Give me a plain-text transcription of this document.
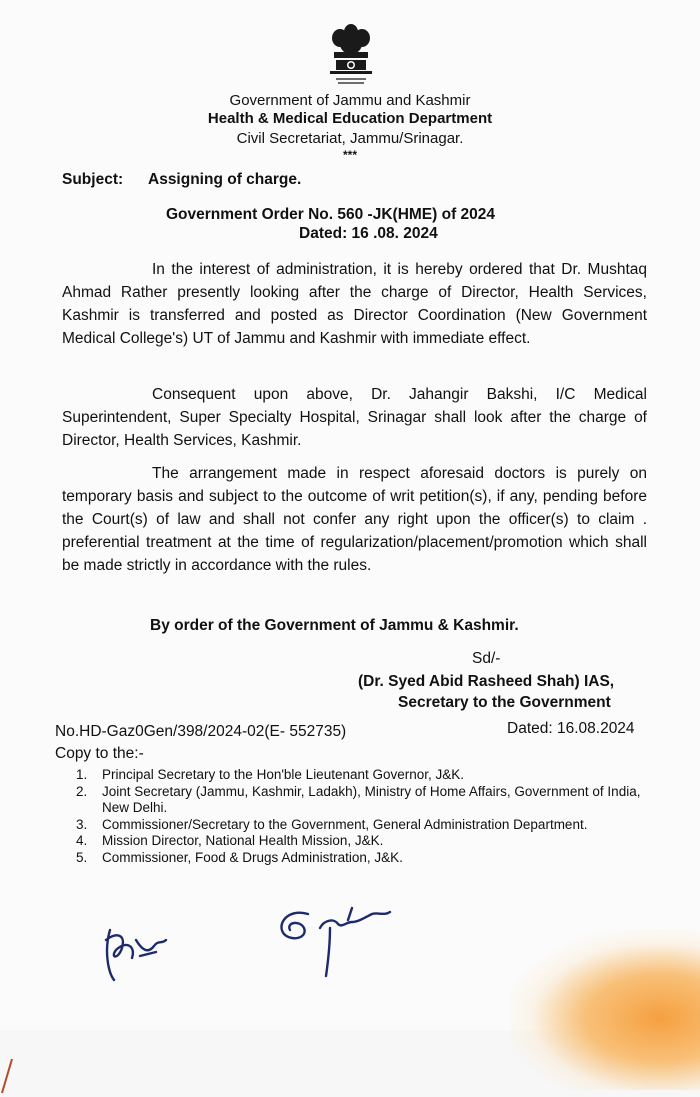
Government of Jammu and Kashmir
Health & Medical Education Department
Civil Secretariat, Jammu/Srinagar.
***
Subject: Assigning of charge.
Government Order No. 560 -JK(HME) of 2024
Dated: 16 .08. 2024
In the interest of administration, it is hereby ordered that Dr. Mushtaq Ahmad Rather presently looking after the charge of Director, Health Services, Kashmir is transferred and posted as Director Coordination (New Government Medical College's) UT of Jammu and Kashmir with immediate effect.
Consequent upon above, Dr. Jahangir Bakshi, I/C Medical Superintendent, Super Specialty Hospital, Srinagar shall look after the charge of Director, Health Services, Kashmir.
The arrangement made in respect aforesaid doctors is purely on temporary basis and subject to the outcome of writ petition(s), if any, pending before the Court(s) of law and shall not confer any right upon the officer(s) to claim . preferential treatment at the time of regularization/placement/promotion which shall be made strictly in accordance with the rules.
By order of the Government of Jammu & Kashmir.
Sd/-
(Dr. Syed Abid Rasheed Shah) IAS,
Secretary to the Government
No.HD-Gaz0Gen/398/2024-02(E- 552735)	Dated: 16.08.2024
Copy to the:-
1.	Principal Secretary to the Hon'ble Lieutenant Governor, J&K.
2.	Joint Secretary (Jammu, Kashmir, Ladakh), Ministry of Home Affairs, Government of India, New Delhi.
3.	Commissioner/Secretary to the Government, General Administration Department.
4.	Mission Director, National Health Mission, J&K.
5.	Commissioner, Food & Drugs Administration, J&K.
